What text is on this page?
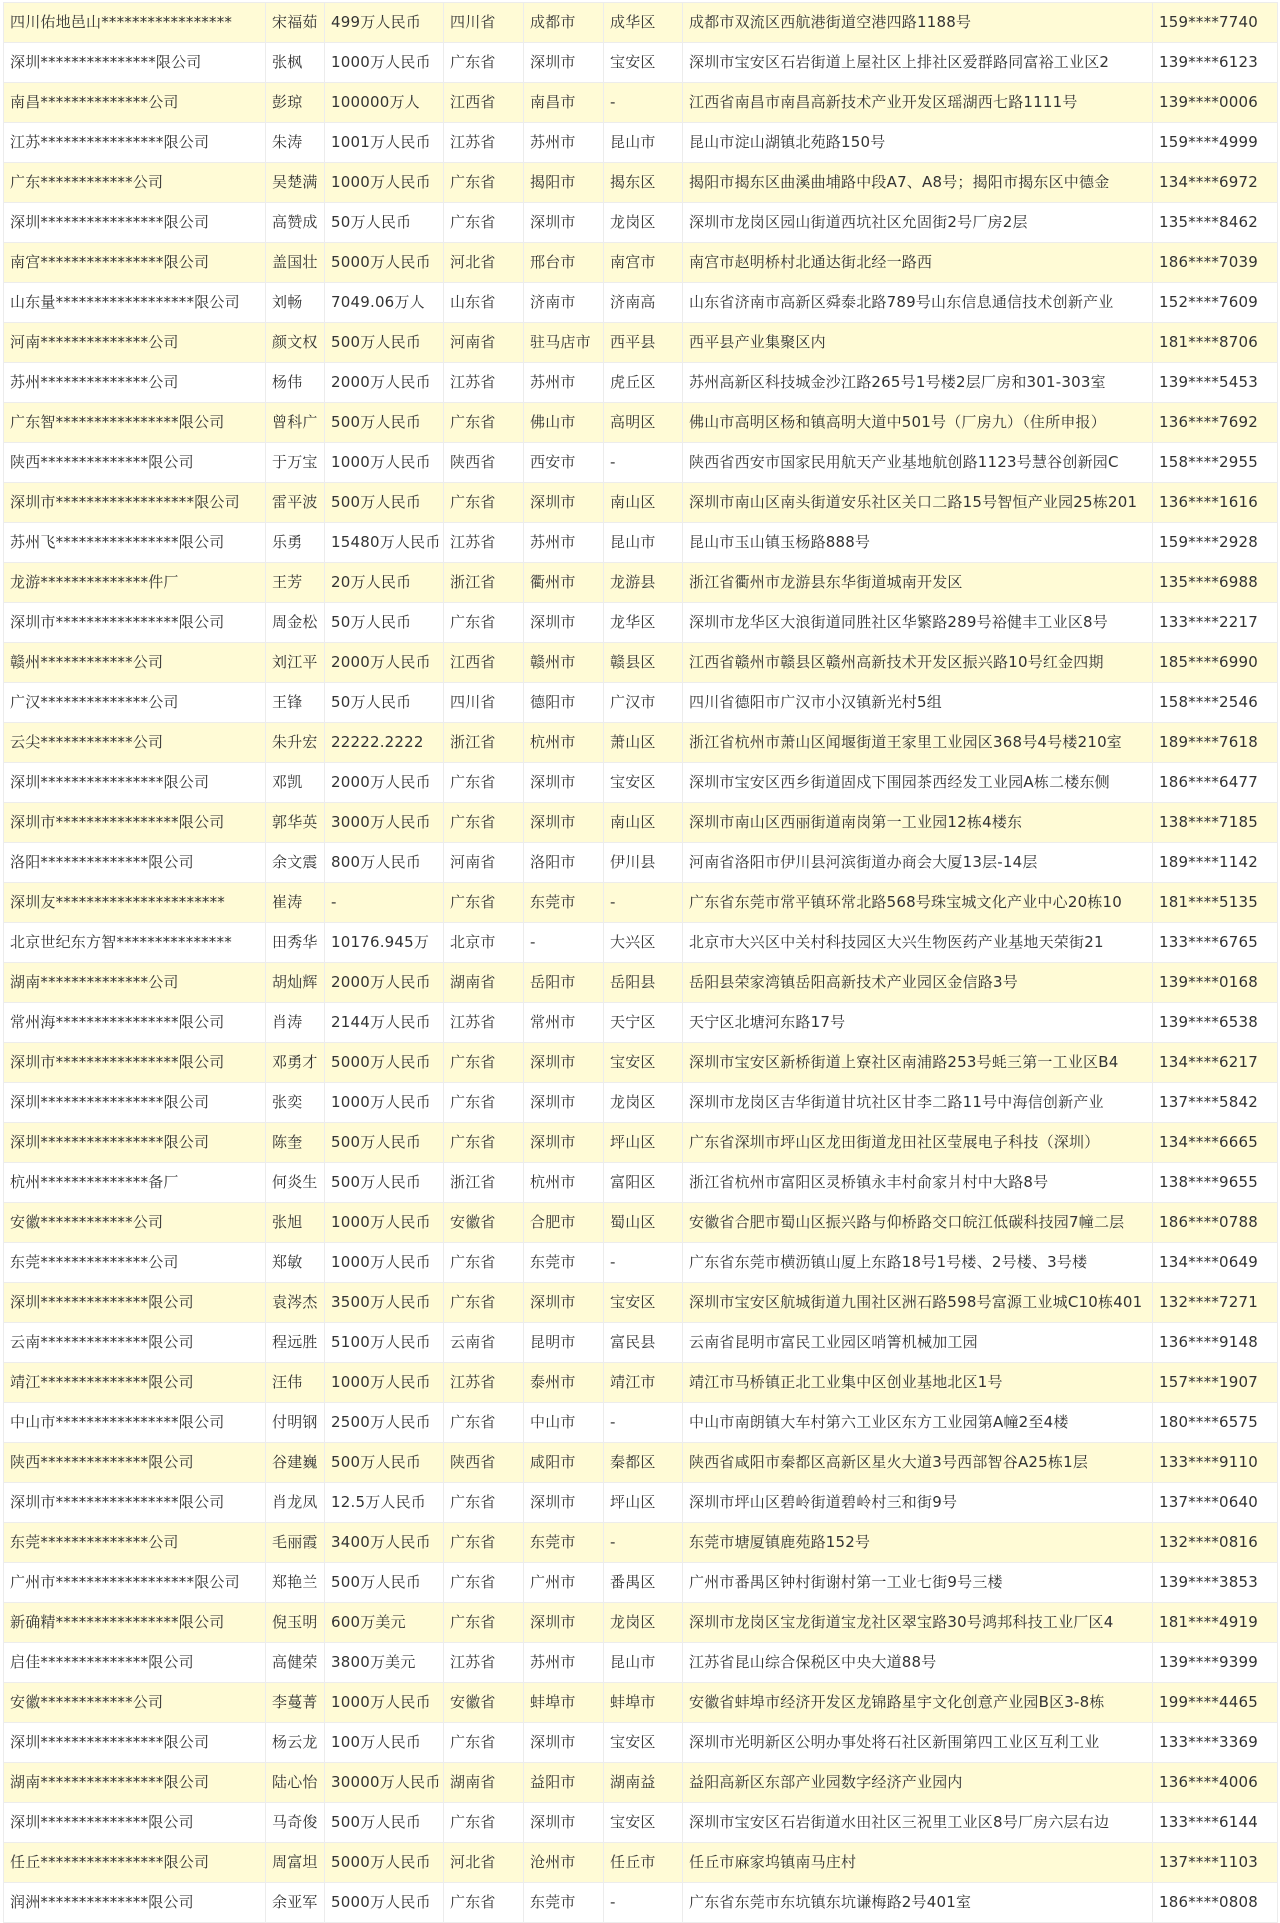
四川佑地邑山*****************	宋福茹	499万人民币	四川省	成都市	成华区	成都市双流区西航港街道空港四路1188号	159****7740
深圳***************限公司	张枫	1000万人民币	广东省	深圳市	宝安区	深圳市宝安区石岩街道上屋社区上排社区爱群路同富裕工业区2	139****6123
南昌**************公司	彭琼	100000万人	江西省	南昌市	-	江西省南昌市南昌高新技术产业开发区瑶湖西七路1111号	139****0006
江苏****************限公司	朱涛	1001万人民币	江苏省	苏州市	昆山市	昆山市淀山湖镇北苑路150号	159****4999
广东************公司	吴楚满	1000万人民币	广东省	揭阳市	揭东区	揭阳市揭东区曲溪曲埔路中段A7、A8号；揭阳市揭东区中德金	134****6972
深圳****************限公司	高赞成	50万人民币	广东省	深圳市	龙岗区	深圳市龙岗区园山街道西坑社区允固街2号厂房2层	135****8462
南宫****************限公司	盖国壮	5000万人民币	河北省	邢台市	南宫市	南宫市赵明桥村北通达街北经一路西	186****7039
山东量******************限公司	刘畅	7049.06万人	山东省	济南市	济南高	山东省济南市高新区舜泰北路789号山东信息通信技术创新产业	152****7609
河南**************公司	颜文权	500万人民币	河南省	驻马店市	西平县	西平县产业集聚区内	181****8706
苏州**************公司	杨伟	2000万人民币	江苏省	苏州市	虎丘区	苏州高新区科技城金沙江路265号1号楼2层厂房和301-303室	139****5453
广东智****************限公司	曾科广	500万人民币	广东省	佛山市	高明区	佛山市高明区杨和镇高明大道中501号（厂房九）（住所申报）	136****7692
陕西**************限公司	于万宝	1000万人民币	陕西省	西安市	-	陕西省西安市国家民用航天产业基地航创路1123号慧谷创新园C	158****2955
深圳市******************限公司	雷平波	500万人民币	广东省	深圳市	南山区	深圳市南山区南头街道安乐社区关口二路15号智恒产业园25栋201	136****1616
苏州飞****************限公司	乐勇	15480万人民币	江苏省	苏州市	昆山市	昆山市玉山镇玉杨路888号	159****2928
龙游**************件厂	王芳	20万人民币	浙江省	衢州市	龙游县	浙江省衢州市龙游县东华街道城南开发区	135****6988
深圳市****************限公司	周金松	50万人民币	广东省	深圳市	龙华区	深圳市龙华区大浪街道同胜社区华繁路289号裕健丰工业区8号	133****2217
赣州************公司	刘江平	2000万人民币	江西省	赣州市	赣县区	江西省赣州市赣县区赣州高新技术开发区振兴路10号红金四期	185****6990
广汉**************公司	王锋	50万人民币	四川省	德阳市	广汉市	四川省德阳市广汉市小汉镇新光村5组	158****2546
云尖************公司	朱升宏	22222.2222	浙江省	杭州市	萧山区	浙江省杭州市萧山区闻堰街道王家里工业园区368号4号楼210室	189****7618
深圳****************限公司	邓凯	2000万人民币	广东省	深圳市	宝安区	深圳市宝安区西乡街道固戍下围园茶西经发工业园A栋二楼东侧	186****6477
深圳市****************限公司	郭华英	3000万人民币	广东省	深圳市	南山区	深圳市南山区西丽街道南岗第一工业园12栋4楼东	138****7185
洛阳**************限公司	余文震	800万人民币	河南省	洛阳市	伊川县	河南省洛阳市伊川县河滨街道办商会大厦13层-14层	189****1142
深圳友**********************	崔涛	-	广东省	东莞市	-	广东省东莞市常平镇环常北路568号珠宝城文化产业中心20栋10	181****5135
北京世纪东方智***************	田秀华	10176.945万	北京市	-	大兴区	北京市大兴区中关村科技园区大兴生物医药产业基地天荣街21	133****6765
湖南**************公司	胡灿辉	2000万人民币	湖南省	岳阳市	岳阳县	岳阳县荣家湾镇岳阳高新技术产业园区金信路3号	139****0168
常州海****************限公司	肖涛	2144万人民币	江苏省	常州市	天宁区	天宁区北塘河东路17号	139****6538
深圳市****************限公司	邓勇才	5000万人民币	广东省	深圳市	宝安区	深圳市宝安区新桥街道上寮社区南浦路253号蚝三第一工业区B4	134****6217
深圳****************限公司	张奕	1000万人民币	广东省	深圳市	龙岗区	深圳市龙岗区吉华街道甘坑社区甘李二路11号中海信创新产业	137****5842
深圳****************限公司	陈奎	500万人民币	广东省	深圳市	坪山区	广东省深圳市坪山区龙田街道龙田社区莹展电子科技（深圳）	134****6665
杭州**************备厂	何炎生	500万人民币	浙江省	杭州市	富阳区	浙江省杭州市富阳区灵桥镇永丰村俞家爿村中大路8号	138****9655
安徽************公司	张旭	1000万人民币	安徽省	合肥市	蜀山区	安徽省合肥市蜀山区振兴路与仰桥路交口皖江低碳科技园7幢二层	186****0788
东莞**************公司	郑敏	1000万人民币	广东省	东莞市	-	广东省东莞市横沥镇山厦上东路18号1号楼、2号楼、3号楼	134****0649
深圳**************限公司	袁涔杰	3500万人民币	广东省	深圳市	宝安区	深圳市宝安区航城街道九围社区洲石路598号富源工业城C10栋401	132****7271
云南**************限公司	程远胜	5100万人民币	云南省	昆明市	富民县	云南省昆明市富民工业园区哨箐机械加工园	136****9148
靖江**************限公司	汪伟	1000万人民币	江苏省	泰州市	靖江市	靖江市马桥镇正北工业集中区创业基地北区1号	157****1907
中山市****************限公司	付明钢	2500万人民币	广东省	中山市	-	中山市南朗镇大车村第六工业区东方工业园第A幢2至4楼	180****6575
陕西**************限公司	谷建巍	500万人民币	陕西省	咸阳市	秦都区	陕西省咸阳市秦都区高新区星火大道3号西部智谷A25栋1层	133****9110
深圳市****************限公司	肖龙凤	12.5万人民币	广东省	深圳市	坪山区	深圳市坪山区碧岭街道碧岭村三和街9号	137****0640
东莞**************公司	毛丽霞	3400万人民币	广东省	东莞市	-	东莞市塘厦镇鹿苑路152号	132****0816
广州市******************限公司	郑艳兰	500万人民币	广东省	广州市	番禺区	广州市番禺区钟村街谢村第一工业七街9号三楼	139****3853
新确精****************限公司	倪玉明	600万美元	广东省	深圳市	龙岗区	深圳市龙岗区宝龙街道宝龙社区翠宝路30号鸿邦科技工业厂区4	181****4919
启佳**************限公司	高健荣	3800万美元	江苏省	苏州市	昆山市	江苏省昆山综合保税区中央大道88号	139****9399
安徽************公司	李蔓菁	1000万人民币	安徽省	蚌埠市	蚌埠市	安徽省蚌埠市经济开发区龙锦路星宇文化创意产业园B区3-8栋	199****4465
深圳****************限公司	杨云龙	100万人民币	广东省	深圳市	宝安区	深圳市光明新区公明办事处将石社区新围第四工业区互利工业	133****3369
湖南****************限公司	陆心怡	30000万人民币	湖南省	益阳市	湖南益	益阳高新区东部产业园数字经济产业园内	136****4006
深圳**************限公司	马奇俊	500万人民币	广东省	深圳市	宝安区	深圳市宝安区石岩街道水田社区三祝里工业区8号厂房六层右边	133****6144
任丘****************限公司	周富坦	5000万人民币	河北省	沧州市	任丘市	任丘市麻家坞镇南马庄村	137****1103
润洲**************限公司	余亚军	5000万人民币	广东省	东莞市	-	广东省东莞市东坑镇东坑谦梅路2号401室	186****0808
